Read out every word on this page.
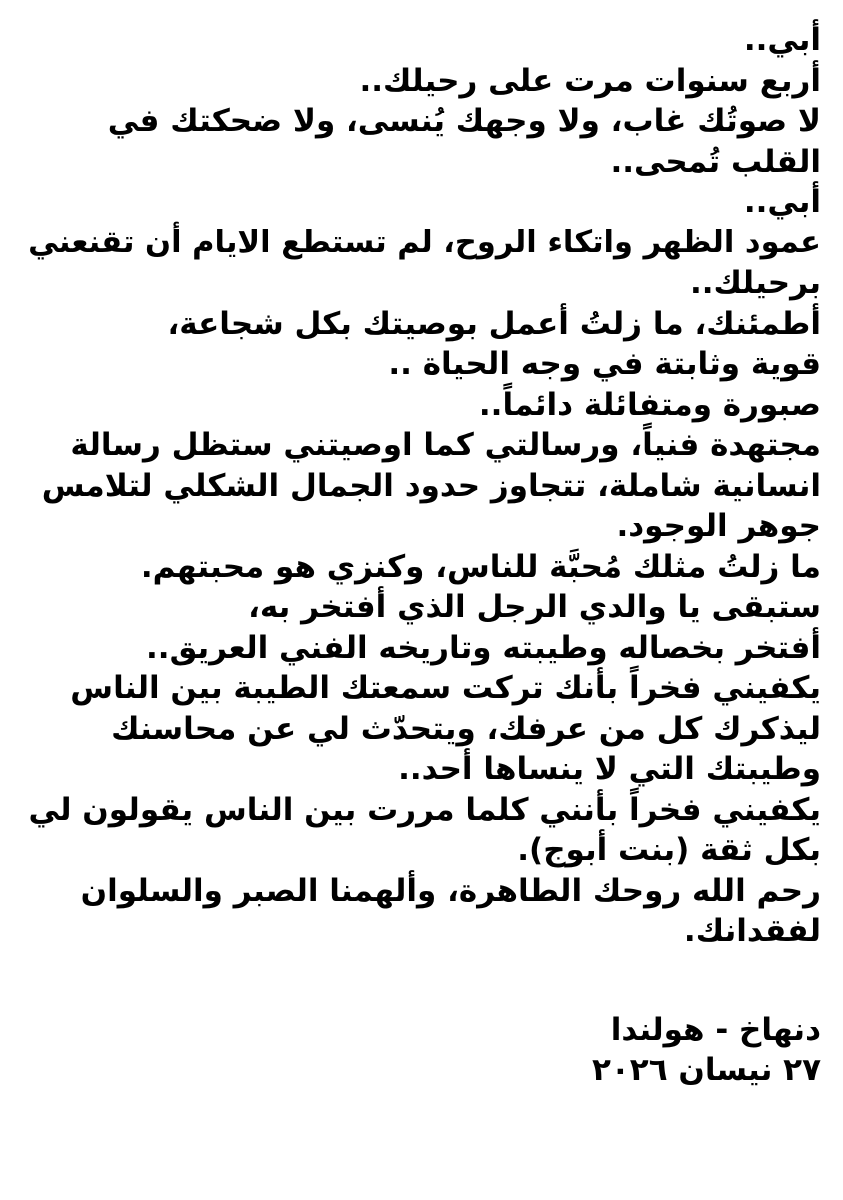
أبي..

أربع سنوات مرت على رحيلك..

لا صوتُك غاب، ولا وجهك يُنسى، ولا ضحكتك في

القلب تُمحى..

أبي..

عمود الظهر واتكاء الروح، لم تستطع الايام أن تقنعني

برحيلك..

أطمئنك، ما زلتُ أعمل بوصيتك بكل شجاعة،

قوية وثابتة في وجه الحياة ..

صبورة ومتفائلة دائماً..

مجتهدة فنياً، ورسالتي كما اوصيتني ستظل رسالة

انسانية شاملة، تتجاوز حدود الجمال الشكلي لتلامس

جوهر الوجود.

ما زلتُ مثلك مُحبَّة للناس، وكنزي هو محبتهم.

ستبقى يا والدي الرجل الذي أفتخر به،

أفتخر بخصاله وطيبته وتاريخه الفني العريق..

يكفيني فخراً بأنك تركت سمعتك الطيبة بين الناس

ليذكرك كل من عرفك، ويتحدّث لي عن محاسنك

وطيبتك التي لا ينساها أحد..

يكفيني فخراً بأنني كلما مررت بين الناس يقولون لي

بكل ثقة (بنت أبوج).

رحم الله روحك الطاهرة، وألهمنا الصبر والسلوان

لفقدانك.

دنهاخ - هولندا

٢٧ نيسان ٢٠٢٦
